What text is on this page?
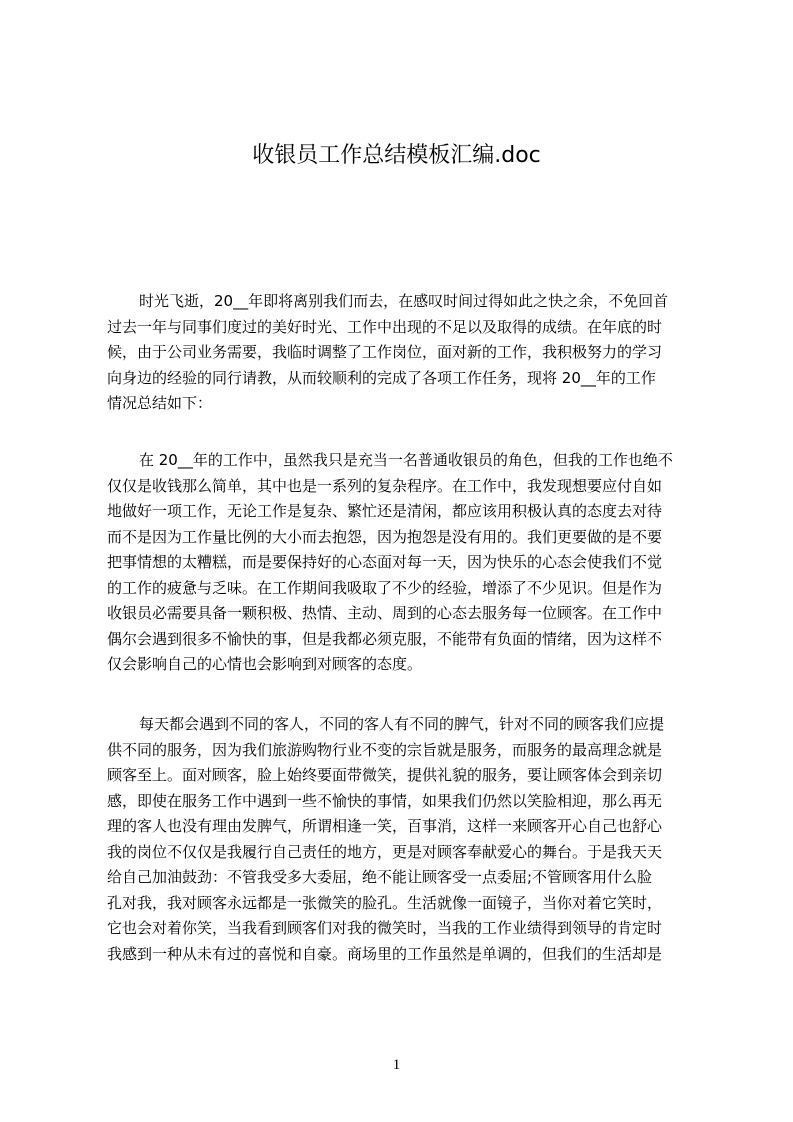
收银员工作总结模板汇编.doc
时光飞逝，20__年即将离别我们而去，在感叹时间过得如此之快之余，不免回首
过去一年与同事们度过的美好时光、工作中出现的不足以及取得的成绩。在年底的时
候，由于公司业务需要，我临时调整了工作岗位，面对新的工作，我积极努力的学习
向身边的经验的同行请教，从而较顺利的完成了各项工作任务，现将 20__年的工作
情况总结如下：
在 20__年的工作中，虽然我只是充当一名普通收银员的角色，但我的工作也绝不
仅仅是收钱那么简单，其中也是一系列的复杂程序。在工作中，我发现想要应付自如
地做好一项工作，无论工作是复杂、繁忙还是清闲，都应该用积极认真的态度去对待
而不是因为工作量比例的大小而去抱怨，因为抱怨是没有用的。我们更要做的是不要
把事情想的太糟糕，而是要保持好的心态面对每一天，因为快乐的心态会使我们不觉
的工作的疲惫与乏味。在工作期间我吸取了不少的经验，增添了不少见识。但是作为
收银员必需要具备一颗积极、热情、主动、周到的心态去服务每一位顾客。在工作中
偶尔会遇到很多不愉快的事，但是我都必须克服，不能带有负面的情绪，因为这样不
仅会影响自己的心情也会影响到对顾客的态度。
每天都会遇到不同的客人，不同的客人有不同的脾气，针对不同的顾客我们应提
供不同的服务，因为我们旅游购物行业不变的宗旨就是服务，而服务的最高理念就是
顾客至上。面对顾客，脸上始终要面带微笑，提供礼貌的服务，要让顾客体会到亲切
感，即使在服务工作中遇到一些不愉快的事情，如果我们仍然以笑脸相迎，那么再无
理的客人也没有理由发脾气，所谓相逢一笑，百事消，这样一来顾客开心自己也舒心
我的岗位不仅仅是我履行自己责任的地方，更是对顾客奉献爱心的舞台。于是我天天
给自己加油鼓劲：不管我受多大委屈，绝不能让顾客受一点委屈;不管顾客用什么脸
孔对我，我对顾客永远都是一张微笑的脸孔。生活就像一面镜子，当你对着它笑时，
它也会对着你笑，当我看到顾客们对我的微笑时，当我的工作业绩得到领导的肯定时
我感到一种从未有过的喜悦和自豪。商场里的工作虽然是单调的，但我们的生活却是
1
